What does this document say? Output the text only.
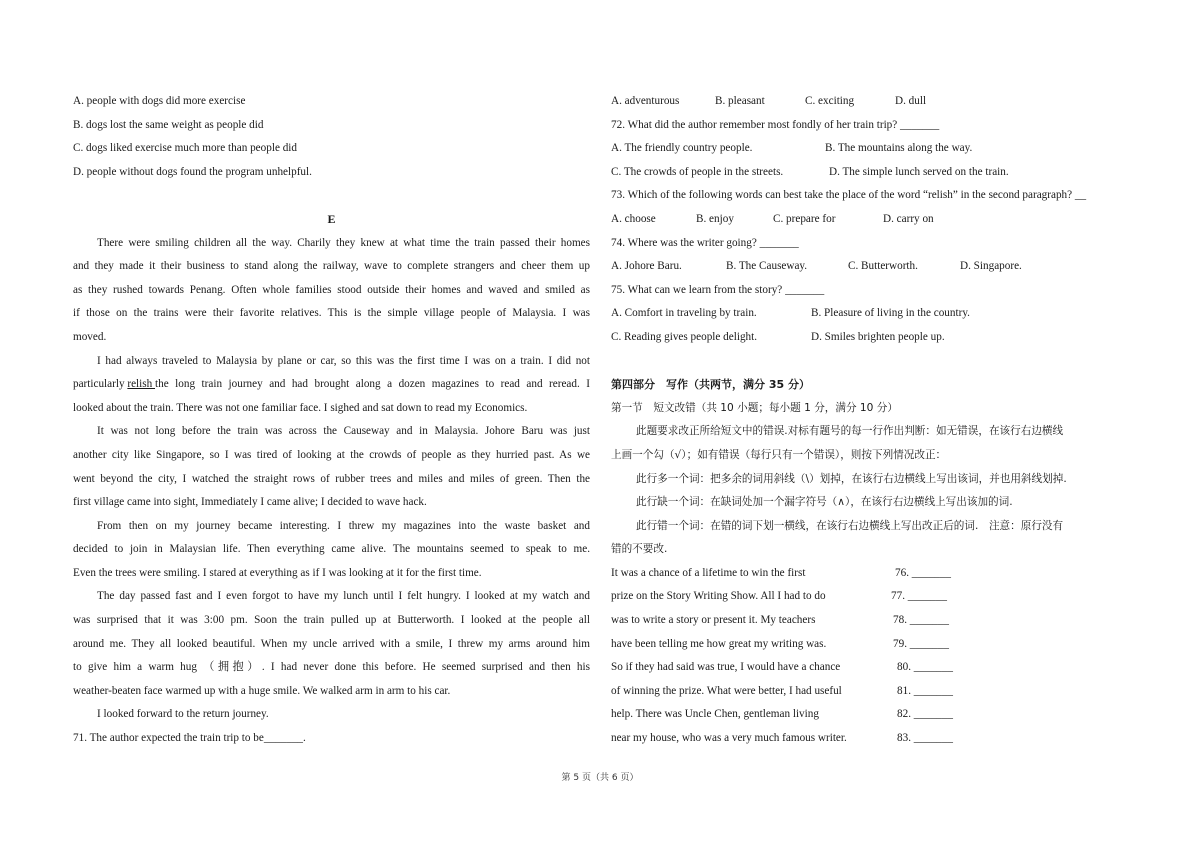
A. people with dogs did more exercise
B. dogs lost the same weight as people did
C. dogs liked exercise much more than people did
D. people without dogs found the program unhelpful.
E
There were smiling children all the way. Charily they knew at what time the train passed their homes
and they made it their business to stand along the railway, wave to complete strangers and cheer them up
as they rushed towards Penang. Often whole families stood outside their homes and waved and smiled as
if those on the trains were their favorite relatives. This is the simple village people of Malaysia. I was
moved.
I had always traveled to Malaysia by plane or car, so this was the first time I was on a train. I did not
particularly relish the long train journey and had brought along a dozen magazines to read and reread. I
looked about the train. There was not one familiar face. I sighed and sat down to read my Economics.
It was not long before the train was across the Causeway and in Malaysia. Johore Baru was just
another city like Singapore, so I was tired of looking at the crowds of people as they hurried past. As we
went beyond the city, I watched the straight rows of rubber trees and miles and miles of green. Then the
first village came into sight, Immediately I came alive; I decided to wave hack.
From then on my journey became interesting. I threw my magazines into the waste basket and
decided to join in Malaysian life. Then everything came alive. The mountains seemed to speak to me.
Even the trees were smiling. I stared at everything as if I was looking at it for the first time.
The day passed fast and I even forgot to have my lunch until I felt hungry. I looked at my watch and
was surprised that it was 3:00 pm. Soon the train pulled up at Butterworth. I looked at the people all
around me. They all looked beautiful. When my uncle arrived with a smile, I threw my arms around him
to give him a warm hug （拥抱）. I had never done this before. He seemed surprised and then his
weather-beaten face warmed up with a huge smile. We walked arm in arm to his car.
I looked forward to the return journey.
71. The author expected the train trip to be_______.
A. adventurous	B. pleasant	C. exciting	D. dull
72. What did the author remember most fondly of her train trip? _______
A. The friendly country people.	B. The mountains along the way.
C. The crowds of people in the streets.	D. The simple lunch served on the train.
73. Which of the following words can best take the place of the word “relish” in the second paragraph? __
A. choose	B. enjoy	C. prepare for	D. carry on
74. Where was the writer going? _______
A. Johore Baru.	B. The Causeway.	C. Butterworth.	D. Singapore.
75. What can we learn from the story? _______
A. Comfort in traveling by train.	B. Pleasure of living in the country.
C. Reading gives people delight.	D. Smiles brighten people up.
第四部分　写作（共两节，满分 35 分）
第一节　短文改错（共 10 小题；每小题 1 分，满分 10 分）
此题要求改正所给短文中的错误.对标有题号的每一行作出判断：如无错误，在该行右边横线
上画一个勾（√）；如有错误（每行只有一个错误），则按下列情况改正：
此行多一个词：把多余的词用斜线（\）划掉，在该行右边横线上写出该词，并也用斜线划掉.
此行缺一个词：在缺词处加一个漏字符号（∧），在该行右边横线上写出该加的词.
此行错一个词：在错的词下划一横线，在该行右边横线上写出改正后的词.　注意：原行没有
错的不要改.
It was a chance of a lifetime to win the first	76. _______
prize on the Story Writing Show. All I had to do	77. _______
was to write a story or present it. My teachers	78. _______
have been telling me how great my writing was.	79. _______
So if they had said was true, I would have a chance	80. _______
of winning the prize. What were better, I had useful	81. _______
help. There was Uncle Chen, gentleman living	82. _______
near my house, who was a very much famous writer.	83. _______
第 5 页（共 6 页）
